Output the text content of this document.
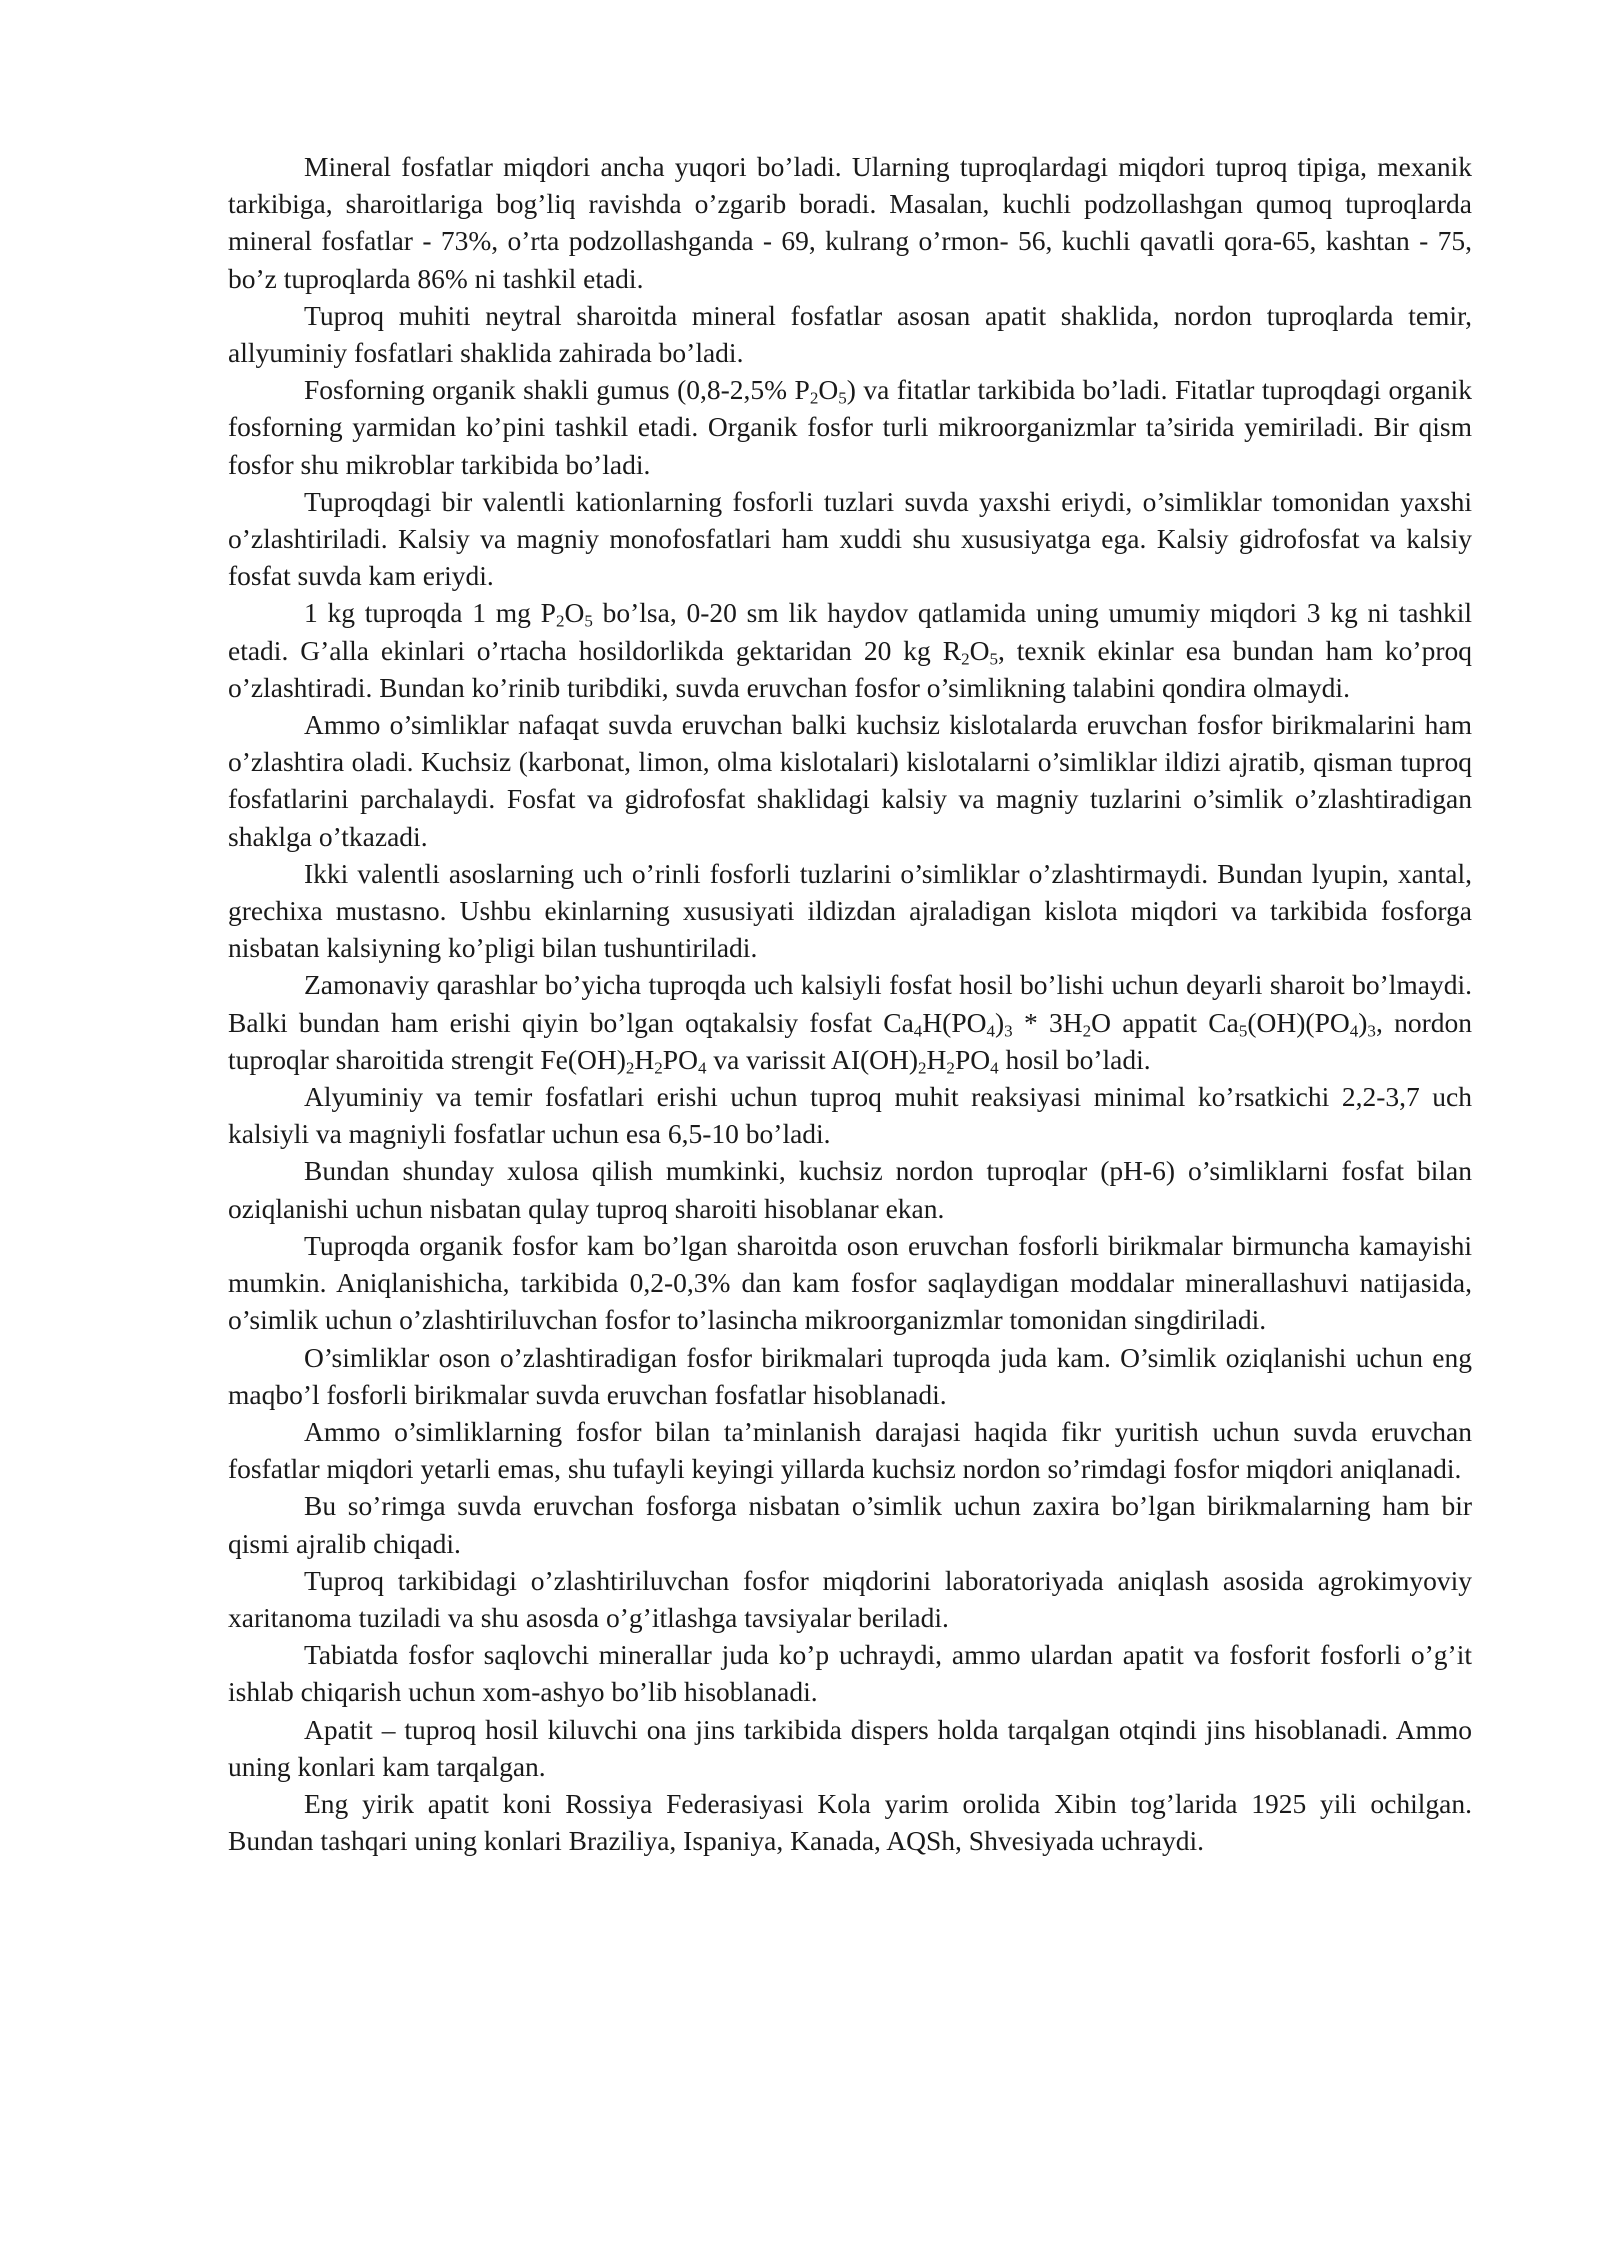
Mineral fosfatlar miqdori ancha yuqori bo’ladi. Ularning tuproqlardagi miqdori tuproq tipiga, mexanik tarkibiga, sharoitlariga bog’liq ravishda o’zgarib boradi. Masalan, kuchli podzollashgan qumoq tuproqlarda mineral fosfatlar - 73%, o’rta podzollashganda - 69, kulrang o’rmon- 56, kuchli qavatli qora-65, kashtan - 75, bo’z tuproqlarda 86% ni tashkil etadi.

Tuproq muhiti neytral sharoitda mineral fosfatlar asosan apatit shaklida, nordon tuproqlarda temir, allyuminiy fosfatlari shaklida zahirada bo’ladi.

Fosforning organik shakli gumus (0,8-2,5% $P_2O_5$) va fitatlar tarkibida bo’ladi. Fitatlar tuproqdagi organik fosforning yarmidan ko’pini tashkil etadi. Organik fosfor turli mikroorganizmlar ta’sirida yemiriladi. Bir qism fosfor shu mikroblar tarkibida bo’ladi.

Tuproqdagi bir valentli kationlarning fosforli tuzlari suvda yaxshi eriydi, o’simliklar tomonidan yaxshi o’zlashtiriladi. Kalsiy va magniy monofosfatlari ham xuddi shu xususiyatga ega. Kalsiy gidrofosfat va kalsiy fosfat suvda kam eriydi.

1 kg tuproqda 1 mg $P_2O_5$ bo’lsa, 0-20 sm lik haydov qatlamida uning umumiy miqdori 3 kg ni tashkil etadi. G’alla ekinlari o’rtacha hosildorlikda gektaridan 20 kg $R_2O_5$, texnik ekinlar esa bundan ham ko’proq o’zlashtiradi. Bundan ko’rinib turibdiki, suvda eruvchan fosfor o’simlikning talabini qondira olmaydi.

Ammo o’simliklar nafaqat suvda eruvchan balki kuchsiz kislotalarda eruvchan fosfor birikmalarini ham o’zlashtira oladi. Kuchsiz (karbonat, limon, olma kislotalari) kislotalarni o’simliklar ildizi ajratib, qisman tuproq fosfatlarini parchalaydi. Fosfat va gidrofosfat shaklidagi kalsiy va magniy tuzlarini o’simlik o’zlashtiradigan shaklga o’tkazadi.

Ikki valentli asoslarning uch o’rinli fosforli tuzlarini o’simliklar o’zlashtirmaydi. Bundan lyupin, xantal, grechixa mustasno. Ushbu ekinlarning xususiyati ildizdan ajraladigan kislota miqdori va tarkibida fosforga nisbatan kalsiyning ko’pligi bilan tushuntiriladi.

Zamonaviy qarashlar bo’yicha tuproqda uch kalsiyli fosfat hosil bo’lishi uchun deyarli sharoit bo’lmaydi. Balki bundan ham erishi qiyin bo’lgan oqtakalsiy fosfat $Ca_4H(PO_4)_3 * 3H_2O$ appatit $Ca_5(OH)(PO_4)_3$, nordon tuproqlar sharoitida strengit $Fe(OH)_2H_2PO_4$ va varissit $AI(OH)_2H_2PO_4$ hosil bo’ladi.

Alyuminiy va temir fosfatlari erishi uchun tuproq muhit reaksiyasi minimal ko’rsatkichi 2,2-3,7 uch kalsiyli va magniyli fosfatlar uchun esa 6,5-10 bo’ladi.

Bundan shunday xulosa qilish mumkinki, kuchsiz nordon tuproqlar (pH-6) o’simliklarni fosfat bilan oziqlanishi uchun nisbatan qulay tuproq sharoiti hisoblanar ekan.

Tuproqda organik fosfor kam bo’lgan sharoitda oson eruvchan fosforli birikmalar birmuncha kamayishi mumkin. Aniqlanishicha, tarkibida 0,2-0,3% dan kam fosfor saqlaydigan moddalar minerallashuvi natijasida, o’simlik uchun o’zlashtiriluvchan fosfor to’lasincha mikroorganizmlar tomonidan singdiriladi.

O’simliklar oson o’zlashtiradigan fosfor birikmalari tuproqda juda kam. O’simlik oziqlanishi uchun eng maqbo’l fosforli birikmalar suvda eruvchan fosfatlar hisoblanadi.

Ammo o’simliklarning fosfor bilan ta’minlanish darajasi haqida fikr yuritish uchun suvda eruvchan fosfatlar miqdori yetarli emas, shu tufayli keyingi yillarda kuchsiz nordon so’rimdagi fosfor miqdori aniqlanadi.

Bu so’rimga suvda eruvchan fosforga nisbatan o’simlik uchun zaxira bo’lgan birikmalarning ham bir qismi ajralib chiqadi.

Tuproq tarkibidagi o’zlashtiriluvchan fosfor miqdorini laboratoriyada aniqlash asosida agrokimyoviy xaritanoma tuziladi va shu asosda o’g’itlashga tavsiyalar beriladi.

Tabiatda fosfor saqlovchi minerallar juda ko’p uchraydi, ammo ulardan apatit va fosforit fosforli o’g’it ishlab chiqarish uchun xom-ashyo bo’lib hisoblanadi.

Apatit – tuproq hosil kiluvchi ona jins tarkibida dispers holda tarqalgan otqindi jins hisoblanadi. Ammo uning konlari kam tarqalgan.

Eng yirik apatit koni Rossiya Federasiyasi Kola yarim orolida Xibin tog’larida 1925 yili ochilgan. Bundan tashqari uning konlari Braziliya, Ispaniya, Kanada, AQSh, Shvesiyada uchraydi.
